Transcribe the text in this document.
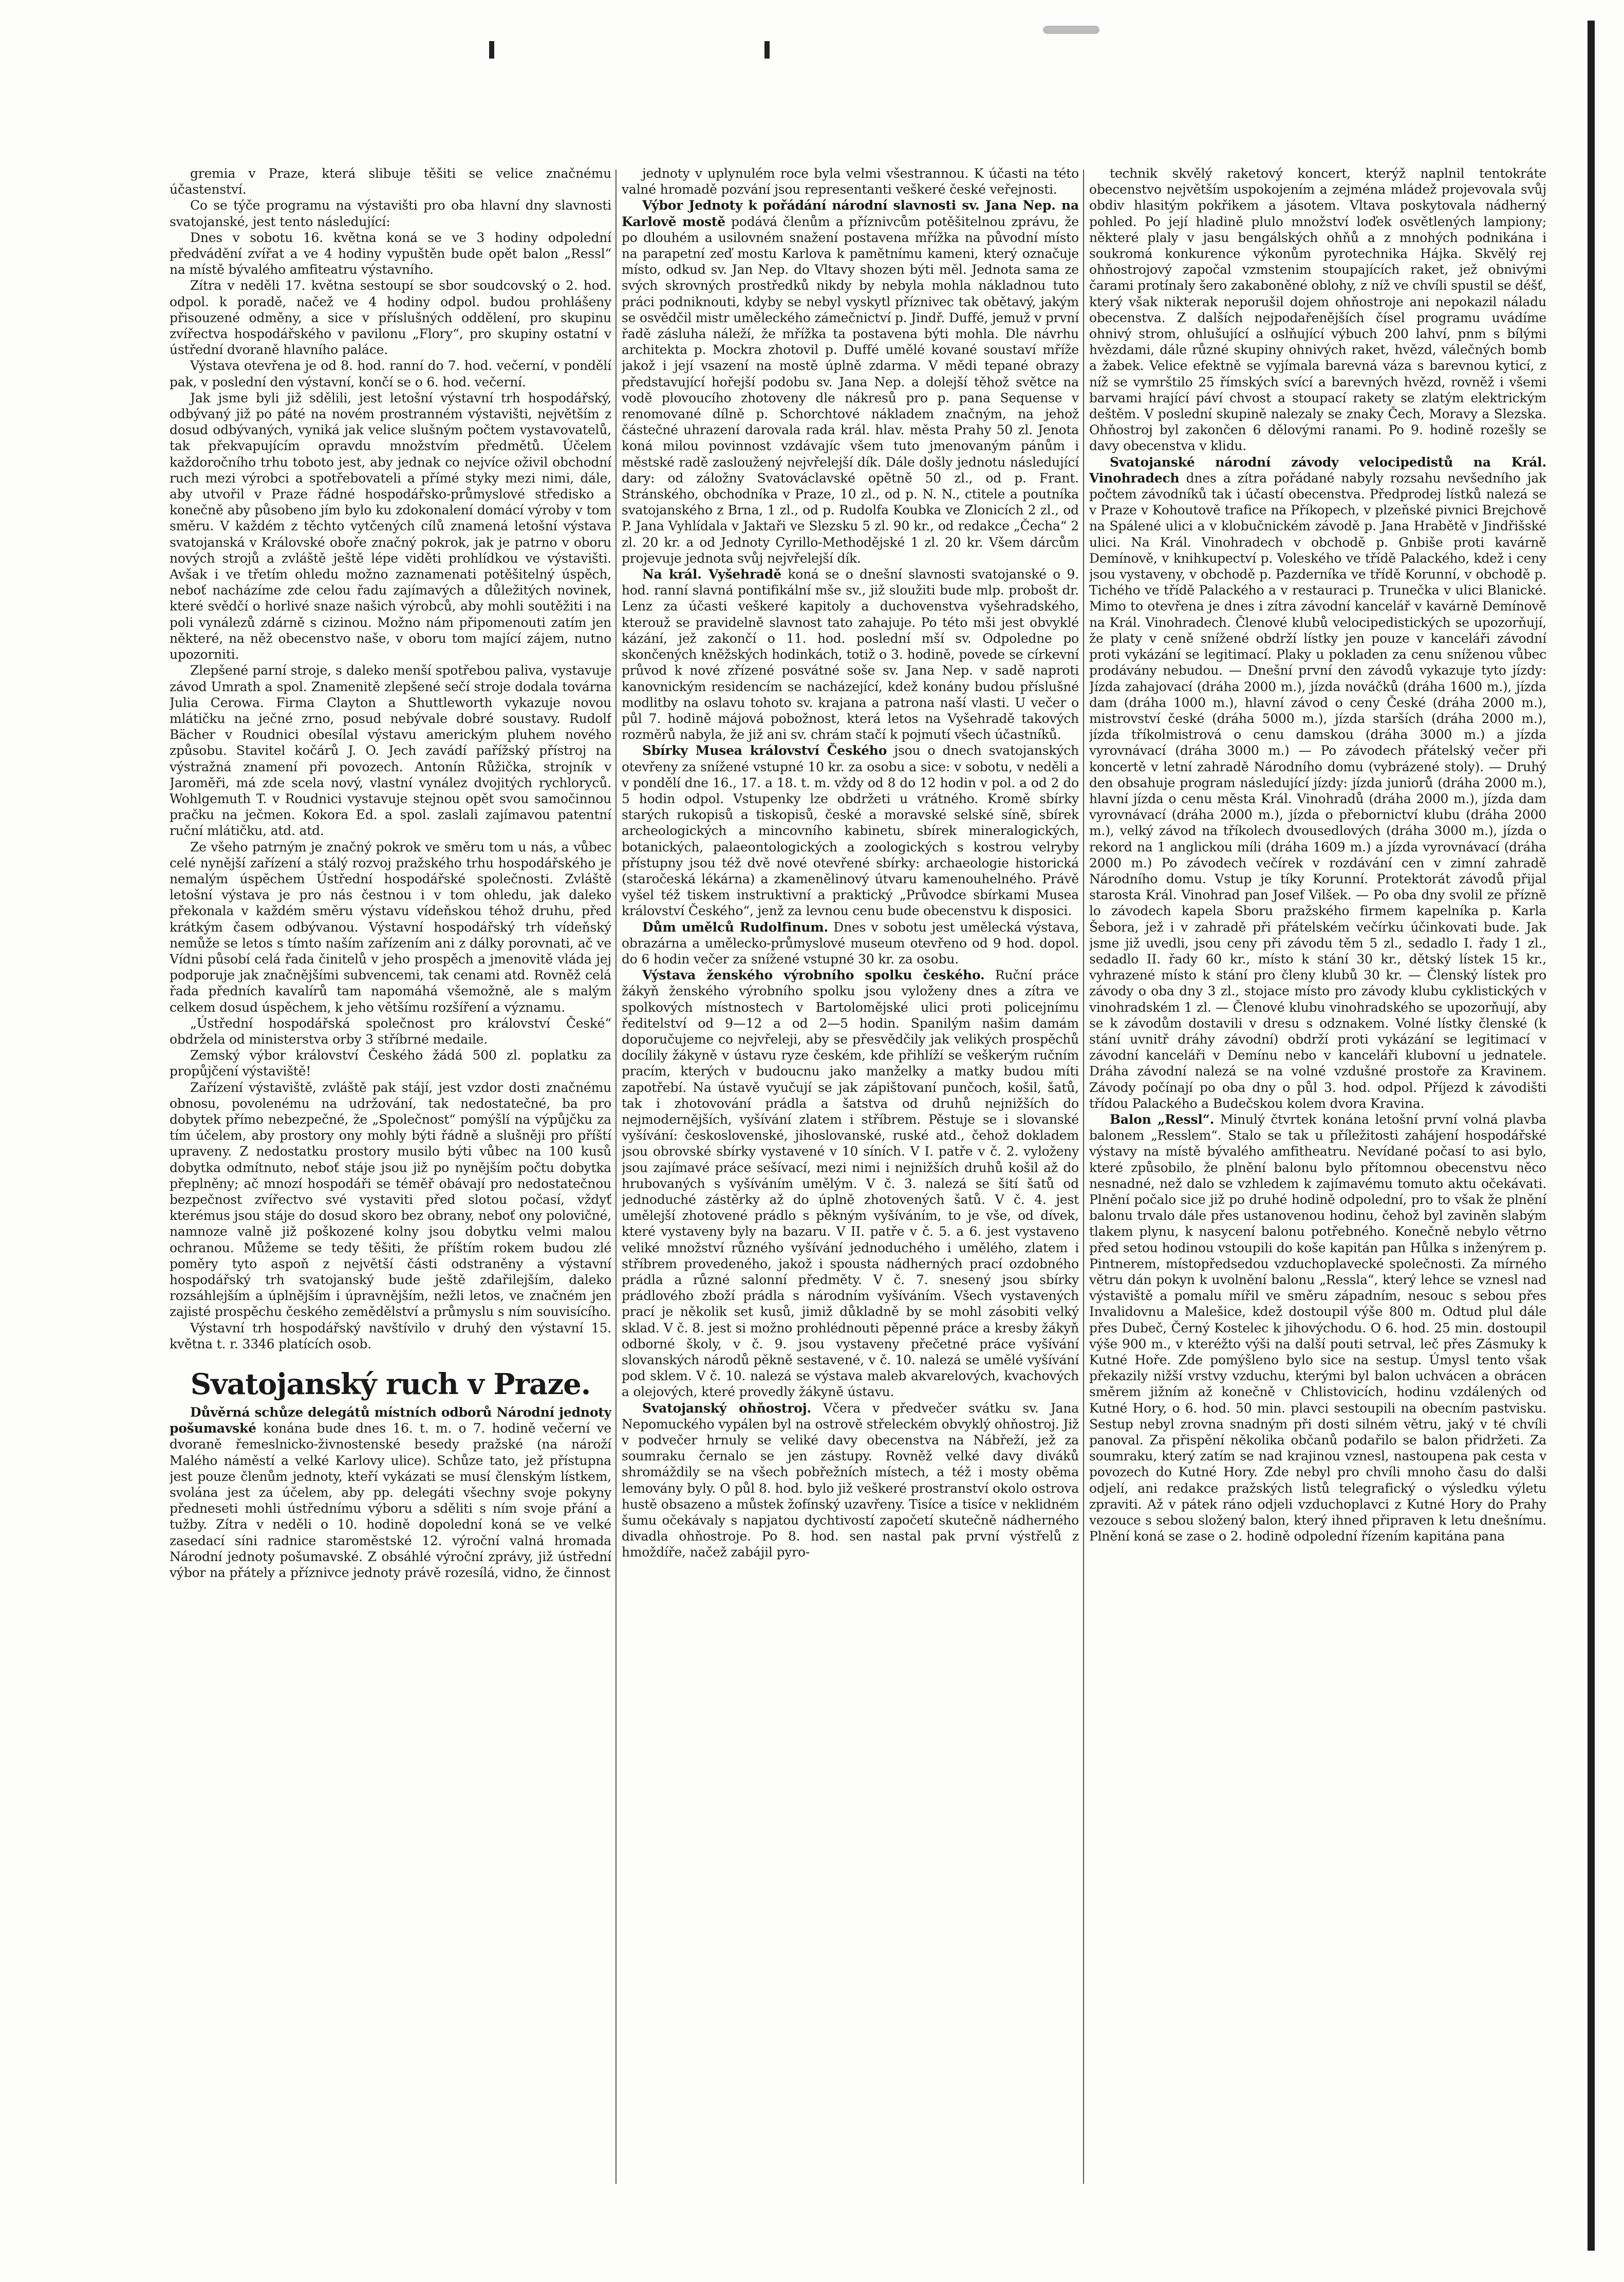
gremia v Praze, která slibuje těšiti se velice značnému účastenství.

Co se týče programu na výstavišti pro oba hlavní dny slavnosti svatojanské, jest tento následující:

Dnes v sobotu 16. května koná se ve 3 hodiny odpolední předvádění zvířat a ve 4 hodiny vypuštěn bude opět balon „Ressl“ na místě bývalého amfiteatru výstavního.

Zítra v neděli 17. května sestoupí se sbor soudcovský o 2. hod. odpol. k poradě, načež ve 4 hodiny odpol. budou prohlášeny přisouzené odměny, a sice v příslušných oddělení, pro skupinu zvířectva hospodářského v pavilonu „Flory“, pro skupiny ostatní v ústřední dvoraně hlavního paláce.

Výstava otevřena je od 8. hod. ranní do 7. hod. večerní, v pondělí pak, v poslední den výstavní, končí se o 6. hod. večerní.

Jak jsme byli již sdělili, jest letošní výstavní trh hospodářský, odbývaný již po páté na novém prostranném výstavišti, největším z dosud odbývaných, vyniká jak velice slušným počtem vystavovatelů, tak překvapujícím opravdu množstvím předmětů. Účelem každoročního trhu toboto jest, aby jednak co nejvíce oživil obchodní ruch mezi výrobci a spotřebovateli a přímé styky mezi nimi, dále, aby utvořil v Praze řádné hospodářsko-průmyslové středisko a konečně aby působeno jím bylo ku zdokonalení domácí výroby v tom směru. V každém z těchto vytčených cílů znamená letošní výstava svatojanská v Královské oboře značný pokrok, jak je patrno v oboru nových strojů a zvláště ještě lépe viděti prohlídkou ve výstavišti. Avšak i ve třetím ohledu možno zaznamenati potěšitelný úspěch, neboť nacházíme zde celou řadu zajímavých a důležitých novinek, které svědčí o horlivé snaze našich výrobců, aby mohli soutěžiti i na poli vynálezů zdárně s cizinou. Možno nám připomenouti zatím jen některé, na něž obecenstvo naše, v oboru tom mající zájem, nutno upozorniti.

Zlepšené parní stroje, s daleko menší spotřebou paliva, vystavuje závod Umrath a spol. Znamenitě zlepšené sečí stroje dodala továrna Julia Cerowa. Firma Clayton a Shuttleworth vykazuje novou mlátičku na ječné zrno, posud nebývale dobré soustavy. Rudolf Bächer v Roudnici obesílal výstavu americkým pluhem nového způsobu. Stavitel kočárů J. O. Jech zavádí pařížský přístroj na výstražná znamení při povozech. Antonín Růžička, strojník v Jaroměři, má zde scela nový, vlastní vynález dvojitých rychloryců. Wohlgemuth T. v Roudnici vystavuje stejnou opět svou samočinnou pračku na ječmen. Kokora Ed. a spol. zaslali zajímavou patentní ruční mlátičku, atd. atd.

Ze všeho patrným je značný pokrok ve směru tom u nás, a vůbec celé nynější zařízení a stálý rozvoj pražského trhu hospodářského je nemalým úspěchem Ústřední hospodářské společnosti. Zvláště letošní výstava je pro nás čestnou i v tom ohledu, jak daleko překonala v každém směru výstavu vídeňskou téhož druhu, před krátkým časem odbývanou. Výstavní hospodářský trh vídeňský nemůže se letos s tímto naším zařízením ani z dálky porovnati, ač ve Vídni působí celá řada činitelů v jeho prospěch a jmenovitě vláda jej podporuje jak značnějšími subvencemi, tak cenami atd. Rovněž celá řada předních kavalírů tam napomáhá všemožně, ale s malým celkem dosud úspěchem, k jeho většímu rozšíření a významu.

„Ústřední hospodářská společnost pro království České“ obdržela od ministerstva orby 3 stříbrné medaile.

Zemský výbor království Českého žádá 500 zl. poplatku za propůjčení výstaviště!

Zařízení výstaviště, zvláště pak stájí, jest vzdor dosti značnému obnosu, povolenému na udržování, tak nedostatečné, ba pro dobytek přímo nebezpečné, že „Společnost“ pomýšlí na výpůjčku za tím účelem, aby prostory ony mohly býti řádně a slušněji pro příští upraveny. Z nedostatku prostory musilo býti vůbec na 100 kusů dobytka odmítnuto, neboť stáje jsou již po nynějším počtu dobytka přeplněny; ač mnozí hospodáři se téměř obávají pro nedostatečnou bezpečnost zvířectvo své vystaviti před slotou počasí, vždyť kterémus jsou stáje do dosud skoro bez obrany, neboť ony polovičné, namnoze valně již poškozené kolny jsou dobytku velmi malou ochranou. Můžeme se tedy těšiti, že příštím rokem budou zlé poměry tyto aspoň z největší části odstraněny a výstavní hospodářský trh svatojanský bude ještě zdařilejším, daleko rozsáhlejším a úplnějším i úpravnějším, nežli letos, ve značném jen zajisté prospěchu českého zemědělství a průmyslu s ním souvisícího.

Výstavní trh hospodářský navštívilo v druhý den výstavní 15. května t. r. 3346 platících osob.

Svatojanský ruch v Praze.

Důvěrná schůze delegátů místních odborů Národní jednoty pošumavské konána bude dnes 16. t. m. o 7. hodině večerní ve dvoraně řemeslnicko-živnostenské besedy pražské (na nároží Malého náměstí a velké Karlovy ulice). Schůze tato, jež přístupna jest pouze členům jednoty, kteří vykázati se musí členským lístkem, svolána jest za účelem, aby pp. delegáti všechny svoje pokyny předneseti mohli ústřednímu výboru a sděliti s ním svoje přání a tužby. Zítra v neděli o 10. hodině dopolední koná se ve velké zasedací síni radnice staroměstské 12. výroční valná hromada Národní jednoty pošumavské. Z obsáhlé výroční zprávy, již ústřední výbor na přátely a příznivce jednoty právě rozesílá, vidno, že činnost

jednoty v uplynulém roce byla velmi všestrannou. K účasti na této valné hromadě pozvání jsou representanti veškeré české veřejnosti.

Výbor Jednoty k pořádání národní slavnosti sv. Jana Nep. na Karlově mostě podává členům a příznivcům potěšitelnou zprávu, že po dlouhém a usilovném snažení postavena mřížka na původní místo na parapetní zeď mostu Karlova k pamětnímu kameni, který označuje místo, odkud sv. Jan Nep. do Vltavy shozen býti měl. Jednota sama ze svých skrovných prostředků nikdy by nebyla mohla nákladnou tuto práci podniknouti, kdyby se nebyl vyskytl příznivec tak obětavý, jakým se osvědčil mistr uměleckého zámečnictví p. Jindř. Duffé, jemuž v první řadě zásluha náleží, že mřížka ta postavena býti mohla. Dle návrhu architekta p. Mockra zhotovil p. Duffé umělé kované soustaví mříže jakož i její vsazení na mostě úplně zdarma. V mědi tepané obrazy představující hořejší podobu sv. Jana Nep. a dolejší těhož světce na vodě plovoucího zhotoveny dle nákresů pro p. pana Sequense v renomované dílně p. Schorchtové nákladem značným, na jehož částečné uhrazení darovala rada král. hlav. města Prahy 50 zl. Jenota koná milou povinnost vzdávajíc všem tuto jmenovaným pánům i městské radě zasloužený nejvřelejší dík. Dále došly jednotu následující dary: od záložny Svatováclavské opětně 50 zl., od p. Frant. Stránského, obchodníka v Praze, 10 zl., od p. N. N., ctitele a poutníka svatojanského z Brna, 1 zl., od p. Rudolfa Koubka ve Zlonicích 2 zl., od P. Jana Vyhlídala v Jaktaři ve Slezsku 5 zl. 90 kr., od redakce „Čecha“ 2 zl. 20 kr. a od Jednoty Cyrillo-Methodějské 1 zl. 20 kr. Všem dárcům projevuje jednota svůj nejvřelejší dík.

Na král. Vyšehradě koná se o dnešní slavnosti svatojanské o 9. hod. ranní slavná pontifikální mše sv., již sloužiti bude mlp. probošt dr. Lenz za účasti veškeré kapitoly a duchovenstva vyšehradského, kterouž se pravidelně slavnost tato zahajuje. Po této mši jest obvyklé kázání, jež zakončí o 11. hod. poslední mší sv. Odpoledne po skončených kněžských hodinkách, totiž o 3. hodině, povede se církevní průvod k nové zřízené posvátné soše sv. Jana Nep. v sadě naproti kanovnickým residencím se nacházející, kdež konány budou příslušné modlitby na oslavu tohoto sv. krajana a patrona naší vlasti. U večer o půl 7. hodině májová pobožnost, která letos na Vyšehradě takových rozměrů nabyla, že již ani sv. chrám stačí k pojmutí všech účastníků.

Sbírky Musea království Českého jsou o dnech svatojanských otevřeny za snížené vstupné 10 kr. za osobu a sice: v sobotu, v neděli a v pondělí dne 16., 17. a 18. t. m. vždy od 8 do 12 hodin v pol. a od 2 do 5 hodin odpol. Vstupenky lze obdržeti u vrátného. Kromě sbírky starých rukopisů a tiskopisů, české a moravské selské síně, sbírek archeologických a mincovního kabinetu, sbírek mineralogických, botanických, palaeontologických a zoologických s kostrou velryby přístupny jsou též dvě nové otevřené sbírky: archaeologie historická (staročeská lékárna) a zkamenělinový útvaru kamenouhelného. Právě vyšel též tiskem instruktivní a praktický „Průvodce sbírkami Musea království Českého“, jenž za levnou cenu bude obecenstvu k disposici.

Dům umělců Rudolfinum. Dnes v sobotu jest umělecká výstava, obrazárna a umělecko-průmyslové museum otevřeno od 9 hod. dopol. do 6 hodin večer za snížené vstupné 30 kr. za osobu.

Výstava ženského výrobního spolku českého. Ruční práce žákyň ženského výrobního spolku jsou vyloženy dnes a zítra ve spolkových místnostech v Bartolomějské ulici proti policejnímu ředitelství od 9—12 a od 2—5 hodin. Spanilým našim damám doporučujeme co nejvřeleji, aby se přesvědčily jak velikých prospěchů docílily žákyně v ústavu ryze českém, kde přihlíží se veškerým ručním pracím, kterých v budoucnu jako manželky a matky budou míti zapotřebí. Na ústavě vyučují se jak zápištovaní punčoch, košil, šatů, tak i zhotovování prádla a šatstva od druhů nejnižších do nejmodernějších, vyšívání zlatem i stříbrem. Pěstuje se i slovanské vyšívání: československé, jihoslovanské, ruské atd., čehož dokladem jsou obrovské sbírky vystavené v 10 síních. V I. patře v č. 2. vyloženy jsou zajímavé práce sešívací, mezi nimi i nejnižších druhů košil až do hrubovaných s vyšíváním umělým. V č. 3. nalezá se šití šatů od jednoduché zástěrky až do úplně zhotovených šatů. V č. 4. jest umělejší zhotovené prádlo s pěkným vyšíváním, to je vše, od dívek, které vystaveny byly na bazaru. V II. patře v č. 5. a 6. jest vystaveno veliké množství různého vyšívání jednoduchého i umělého, zlatem i stříbrem provedeného, jakož i spousta nádherných prací ozdobného prádla a různé salonní předměty. V č. 7. snesený jsou sbírky prádlového zboží prádla s národním vyšíváním. Všech vystavených prací je několik set kusů, jimiž důkladně by se mohl zásobiti velký sklad. V č. 8. jest si možno prohlédnouti pěpenné práce a kresby žákyň odborné školy, v č. 9. jsou vystaveny přečetné práce vyšívání slovanských národů pěkně sestavené, v č. 10. nalezá se umělé vyšívání pod sklem. V č. 10. nalezá se výstava maleb akvarelových, kvachových a olejových, které provedly žákyně ústavu.

Svatojanský ohňostroj. Včera v předvečer svátku sv. Jana Nepomuckého vypálen byl na ostrově střeleckém obvyklý ohňostroj. Již v podvečer hrnuly se veliké davy obecenstva na Nábřeží, jež za soumraku černalo se jen zástupy. Rovněž velké davy diváků shromáždily se na všech pobřežních místech, a též i mosty oběma lemovány byly. O půl 8. hod. bylo již veškeré prostranství okolo ostrova hustě obsazeno a můstek žofínský uzavřeny. Tisíce a tisíce v neklidném šumu očekávaly s napjatou dychtivostí započetí skutečně nádherného divadla ohňostroje. Po 8. hod. sen nastal pak první výstřelů z hmoždíře, načež zabájil pyro-

technik skvělý raketový koncert, kterýž naplnil tentokráte obecenstvo největším uspokojením a zejména mládež projevovala svůj obdiv hlasitým pokřikem a jásotem. Vltava poskytovala nádherný pohled. Po její hladině plulo množství loďek osvětlených lampiony; některé plaly v jasu bengálských ohňů a z mnohých podnikána i soukromá konkurence výkonům pyrotechnika Hájka. Skvělý rej ohňostrojový započal vzmstenim stoupajících raket, jež obnivými čarami protínaly šero zakaboněné oblohy, z níž ve chvíli spustil se déšť, který však nikterak neporušil dojem ohňostroje ani nepokazil náladu obecenstva. Z dalších nejpodařenějších čísel programu uvádíme ohnivý strom, ohlušující a oslňující výbuch 200 lahví, pnm s bílými hvězdami, dále různé skupiny ohnivých raket, hvězd, válečných bomb a žabek. Velice efektně se vyjímala barevná váza s barevnou kyticí, z níž se vymrštilo 25 římských svící a barevných hvězd, rovněž i všemi barvami hrající páví chvost a stoupací rakety se zlatým elektrickým deštěm. V poslední skupině nalezaly se znaky Čech, Moravy a Slezska. Ohňostroj byl zakončen 6 dělovými ranami. Po 9. hodině rozešly se davy obecenstva v klidu.

Svatojanské národní závody velocipedistů na Král. Vinohradech dnes a zítra pořádané nabyly rozsahu nevšedního jak počtem závodníků tak i účastí obecenstva. Předprodej lístků nalezá se v Praze v Kohoutově trafice na Příkopech, v plzeňské pivnici Brejchově na Spálené ulici a v klobučnickém závodě p. Jana Hrabětě v Jindřišské ulici. Na Král. Vinohradech v obchodě p. Gnbiše proti kavárně Demínově, v knihkupectví p. Voleského ve třídě Palackého, kdež i ceny jsou vystaveny, v obchodě p. Pazderníka ve třídě Korunní, v obchodě p. Tichého ve třídě Palackého a v restauraci p. Trunečka v ulici Blanické. Mimo to otevřena je dnes i zítra závodní kancelář v kavárně Demínově na Král. Vinohradech. Členové klubů velocipedistických se upozorňují, že platy v ceně snížené obdrží lístky jen pouze v kanceláři závodní proti vykázání se legitimací. Plaky u pokladen za cenu sníženou vůbec prodávány nebudou. — Dnešní první den závodů vykazuje tyto jízdy: Jízda zahajovací (dráha 2000 m.), jízda nováčků (dráha 1600 m.), jízda dam (dráha 1000 m.), hlavní závod o ceny České (dráha 2000 m.), mistrovství české (dráha 5000 m.), jízda starších (dráha 2000 m.), jízda tříkolmistrová o cenu damskou (dráha 3000 m.) a jízda vyrovnávací (dráha 3000 m.) — Po závodech přátelský večer při koncertě v letní zahradě Národního domu (vybrázené stoly). — Druhý den obsahuje program následující jízdy: jízda juniorů (dráha 2000 m.), hlavní jízda o cenu města Král. Vinohradů (dráha 2000 m.), jízda dam vyrovnávací (dráha 2000 m.), jízda o přebornictví klubu (dráha 2000 m.), velký závod na tříkolech dvousedlových (dráha 3000 m.), jízda o rekord na 1 anglickou míli (dráha 1609 m.) a jízda vyrovnávací (dráha 2000 m.) Po závodech večírek v rozdávání cen v zimní zahradě Národního domu. Vstup je tíky Korunní. Protektorát závodů přijal starosta Král. Vinohrad pan Josef Vilšek. — Po oba dny svolil ze přízně lo závodech kapela Sboru pražského firmem kapelníka p. Karla Šebora, jež i v zahradě při přátelském večírku účinkovati bude. Jak jsme již uvedli, jsou ceny při závodu těm 5 zl., sedadlo I. řady 1 zl., sedadlo II. řady 60 kr., místo k stání 30 kr., dětský lístek 15 kr., vyhrazené místo k stání pro členy klubů 30 kr. — Členský lístek pro závody o oba dny 3 zl., stojace místo pro závody klubu cyklistických v vinohradském 1 zl. — Členové klubu vinohradského se upozorňují, aby se k závodům dostavili v dresu s odznakem. Volné lístky členské (k stání uvnitř dráhy závodní) obdrží proti vykázání se legitimací v závodní kanceláři v Demínu nebo v kanceláři klubovní u jednatele. Dráha závodní nalezá se na volné vzdušné prostoře za Kravinem. Závody počínají po oba dny o půl 3. hod. odpol. Příjezd k závodišti třídou Palackého a Budečskou kolem dvora Kravina.

Balon „Ressl“. Minulý čtvrtek konána letošní první volná plavba balonem „Resslem“. Stalo se tak u příležitosti zahájení hospodářské výstavy na místě bývalého amfitheatru. Nevídané počasí to asi bylo, které způsobilo, že plnění balonu bylo přítomnou obecenstvu něco nesnadné, než dalo se vzhledem k zajímavému tomuto aktu očekávati. Plnění počalo sice již po druhé hodině odpolední, pro to však že plnění balonu trvalo dále přes ustanovenou hodinu, čehož byl zaviněn slabým tlakem plynu, k nasycení balonu potřebného. Konečně nebylo větrno před setou hodinou vstoupili do koše kapitán pan Hůlka s inženýrem p. Pintnerem, místopředsedou vzduchoplavecké společnosti. Za mírného větru dán pokyn k uvolnění balonu „Ressla“, který lehce se vznesl nad výstaviště a pomalu mířil ve směru západním, nesouc s sebou přes Invalidovnu a Malešice, kdež dostoupil výše 800 m. Odtud plul dále přes Dubeč, Černý Kostelec k jihovýchodu. O 6. hod. 25 min. dostoupil výše 900 m., v kteréžto výši na další pouti setrval, leč přes Zásmuky k Kutné Hoře. Zde pomýšleno bylo sice na sestup. Úmysl tento však překazily nižší vrstvy vzduchu, kterými byl balon uchvácen a obrácen směrem jižním až konečně v Chlistovicích, hodinu vzdálených od Kutné Hory, o 6. hod. 50 min. plavci sestoupili na obecním pastvisku. Sestup nebyl zrovna snadným při dosti silném větru, jaký v té chvíli panoval. Za přispění několika občanů podařilo se balon přidržeti. Za soumraku, který zatím se nad krajinou vznesl, nastoupena pak cesta v povozech do Kutné Hory. Zde nebyl pro chvíli mnoho času do dalši odjelí, ani redakce pražských listů telegrafický o výsledku výletu zpraviti. Až v pátek ráno odjeli vzduchoplavci z Kutné Hory do Prahy vezouce s sebou složený balon, který ihned připraven k letu dnešnímu. Plnění koná se zase o 2. hodině odpolední řízením kapitána pana
